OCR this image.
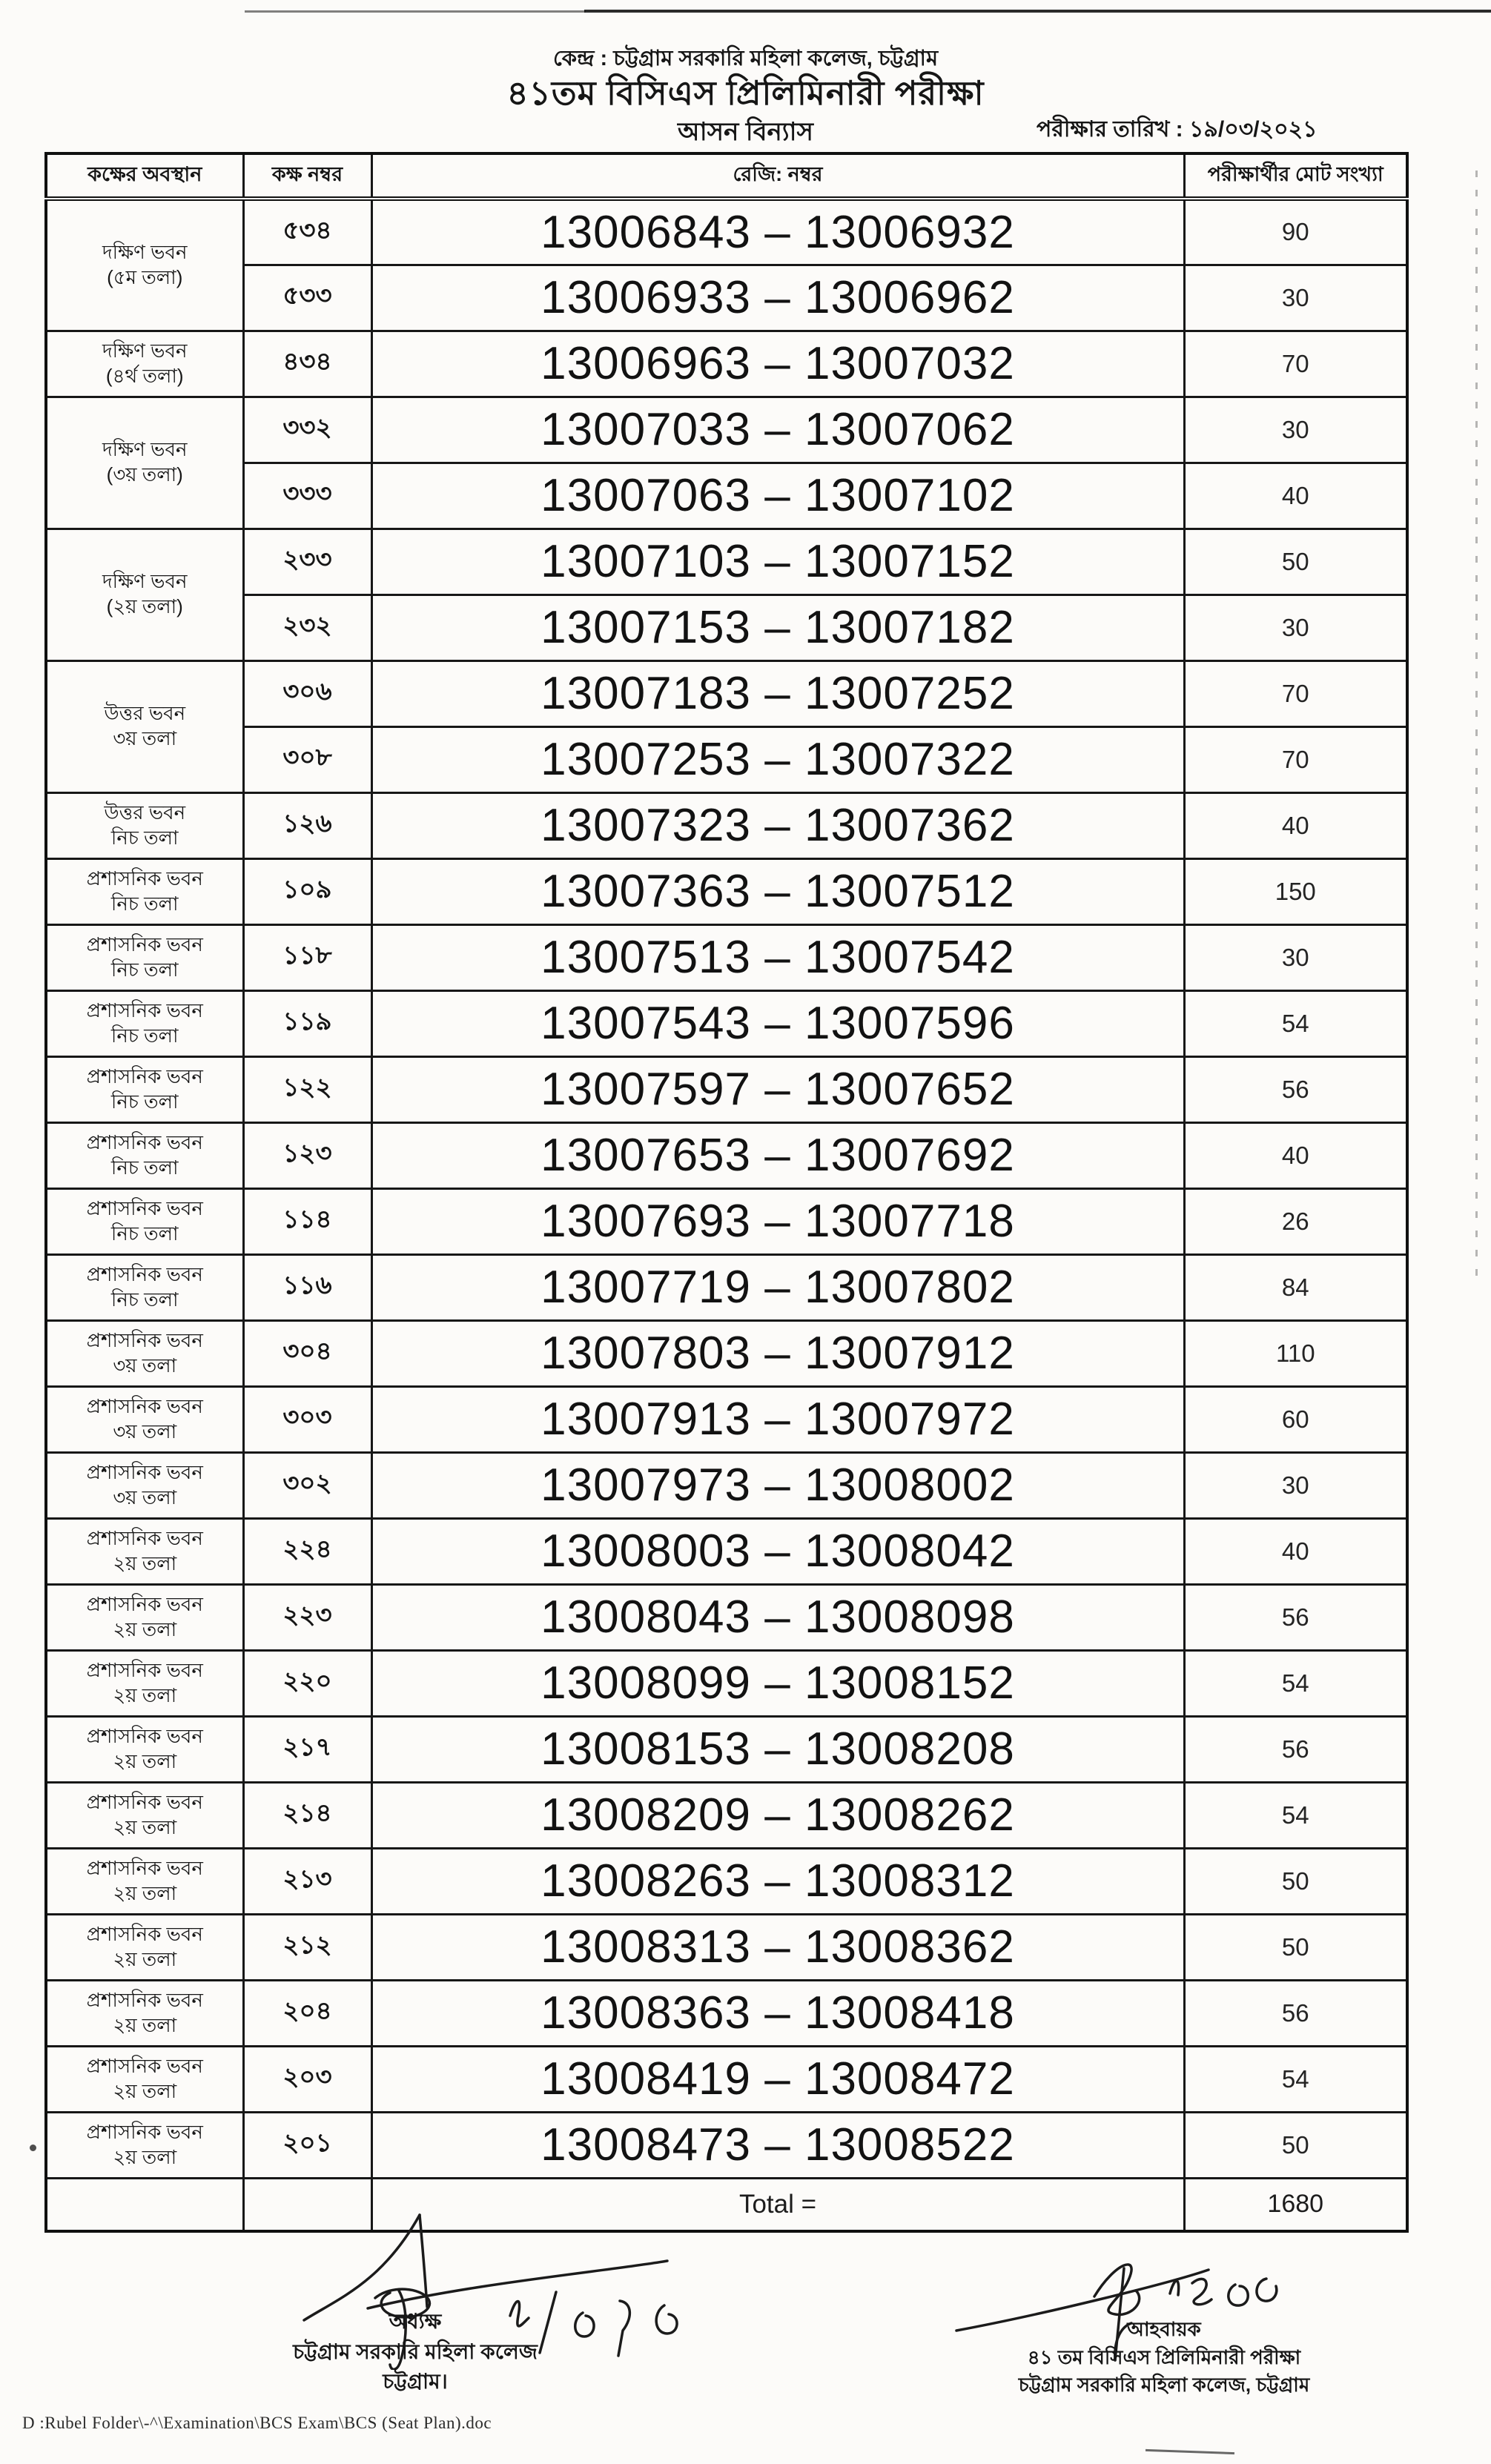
কেন্দ্র : চট্টগ্রাম সরকারি মহিলা কলেজ, চট্টগ্রাম
৪১তম বিসিএস প্রিলিমিনারী পরীক্ষা
আসন বিন্যাস	পরীক্ষার তারিখ : ১৯/০৩/২০২১
কক্ষের অবস্থান	কক্ষ নম্বর	রেজি: নম্বর	পরীক্ষার্থীর মোট সংখ্যা

দক্ষিণ ভবন
(৫ম তলা)	৫৩৪	13006843 – 13006932	90
	৫৩৩	13006933 – 13006962	30

দক্ষিণ ভবন
(৪র্থ তলা)	৪৩৪	13006963 – 13007032	70

দক্ষিণ ভবন
(৩য় তলা)	৩৩২	13007033 – 13007062	30
	৩৩৩	13007063 – 13007102	40

দক্ষিণ ভবন
(২য় তলা)	২৩৩	13007103 – 13007152	50
	২৩২	13007153 – 13007182	30

উত্তর ভবন
৩য় তলা	৩০৬	13007183 – 13007252	70
	৩০৮	13007253 – 13007322	70

উত্তর ভবন
নিচ তলা	১২৬	13007323 – 13007362	40

প্রশাসনিক ভবন
নিচ তলা	১০৯	13007363 – 13007512	150

প্রশাসনিক ভবন
নিচ তলা	১১৮	13007513 – 13007542	30

প্রশাসনিক ভবন
নিচ তলা	১১৯	13007543 – 13007596	54

প্রশাসনিক ভবন
নিচ তলা	১২২	13007597 – 13007652	56

প্রশাসনিক ভবন
নিচ তলা	১২৩	13007653 – 13007692	40

প্রশাসনিক ভবন
নিচ তলা	১১৪	13007693 – 13007718	26

প্রশাসনিক ভবন
নিচ তলা	১১৬	13007719 – 13007802	84

প্রশাসনিক ভবন
৩য় তলা	৩০৪	13007803 – 13007912	110

প্রশাসনিক ভবন
৩য় তলা	৩০৩	13007913 – 13007972	60

প্রশাসনিক ভবন
৩য় তলা	৩০২	13007973 – 13008002	30

প্রশাসনিক ভবন
২য় তলা	২২৪	13008003 – 13008042	40

প্রশাসনিক ভবন
২য় তলা	২২৩	13008043 – 13008098	56

প্রশাসনিক ভবন
২য় তলা	২২০	13008099 – 13008152	54

প্রশাসনিক ভবন
২য় তলা	২১৭	13008153 – 13008208	56

প্রশাসনিক ভবন
২য় তলা	২১৪	13008209 – 13008262	54

প্রশাসনিক ভবন
২য় তলা	২১৩	13008263 – 13008312	50

প্রশাসনিক ভবন
২য় তলা	২১২	13008313 – 13008362	50

প্রশাসনিক ভবন
২য় তলা	২০৪	13008363 – 13008418	56

প্রশাসনিক ভবন
২য় তলা	২০৩	13008419 – 13008472	54

প্রশাসনিক ভবন
২য় তলা	২০১	13008473 – 13008522	50
		Total =	1680
অধ্যক্ষ
চট্টগ্রাম সরকারি মহিলা কলেজ
চট্টগ্রাম।
আহবায়ক
৪১ তম বিসিএস প্রিলিমিনারী পরীক্ষা
চট্টগ্রাম সরকারি মহিলা কলেজ, চট্টগ্রাম
D :Rubel Folder\-^\Examination\BCS Exam\BCS (Seat Plan).doc
